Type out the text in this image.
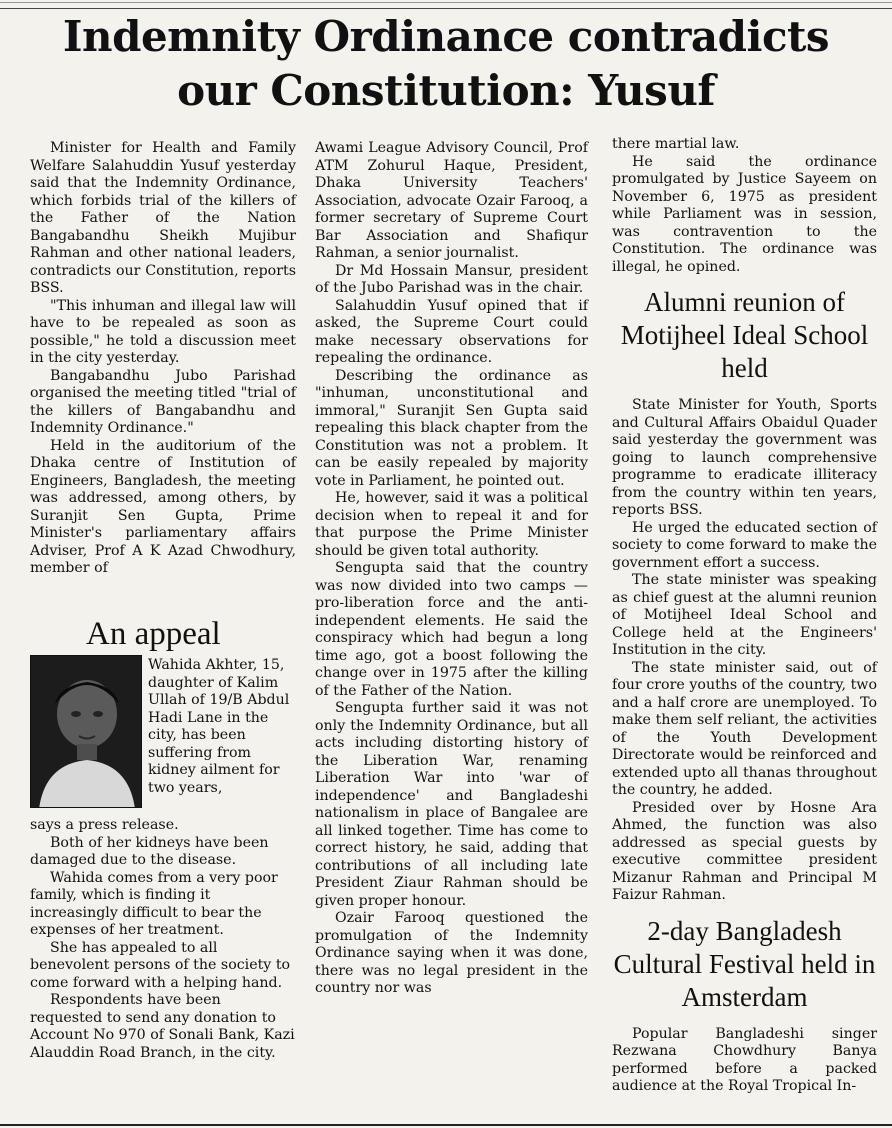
Indemnity Ordinance contradicts
our Constitution: Yusuf

Minister for Health and Family Welfare Salahuddin Yusuf yesterday said that the Indemnity Ordinance, which forbids trial of the killers of the Father of the Nation Bangabandhu Sheikh Mujibur Rahman and other national leaders, contradicts our Constitution, reports BSS.

"This inhuman and illegal law will have to be repealed as soon as possible," he told a discussion meet in the city yesterday.

Bangabandhu Jubo Parishad organised the meeting titled "trial of the killers of Bangabandhu and Indemnity Ordinance."

Held in the auditorium of the Dhaka centre of Institution of Engineers, Bangladesh, the meeting was addressed, among others, by Suranjit Sen Gupta, Prime Minister's parliamentary affairs Adviser, Prof A K Azad Chwodhury, member of

An appeal

Wahida Akhter, 15, daughter of Kalim Ullah of 19/B Abdul Hadi Lane in the city, has been suffering from kidney ailment for two years,

says a press release.

Both of her kidneys have been damaged due to the disease.

Wahida comes from a very poor family, which is finding it increasingly difficult to bear the expenses of her treatment.

She has appealed to all benevolent persons of the society to come forward with a helping hand.

Respondents have been requested to send any donation to Account No 970 of Sonali Bank, Kazi Alauddin Road Branch, in the city.

Awami League Advisory Council, Prof ATM Zohurul Haque, President, Dhaka University Teachers' Association, advocate Ozair Farooq, a former secretary of Supreme Court Bar Association and Shafiqur Rahman, a senior journalist.

Dr Md Hossain Mansur, president of the Jubo Parishad was in the chair.

Salahuddin Yusuf opined that if asked, the Supreme Court could make necessary observations for repealing the ordinance.

Describing the ordinance as "inhuman, unconstitutional and immoral," Suranjit Sen Gupta said repealing this black chapter from the Constitution was not a problem. It can be easily repealed by majority vote in Parliament, he pointed out.

He, however, said it was a political decision when to repeal it and for that purpose the Prime Minister should be given total authority.

Sengupta said that the country was now divided into two camps — pro-liberation force and the anti-independent elements. He said the conspiracy which had begun a long time ago, got a boost following the change over in 1975 after the killing of the Father of the Nation.

Sengupta further said it was not only the Indemnity Ordinance, but all acts including distorting history of the Liberation War, renaming Liberation War into 'war of independence' and Bangladeshi nationalism in place of Bangalee are all linked together. Time has come to correct history, he said, adding that contributions of all including late President Ziaur Rahman should be given proper honour.

Ozair Farooq questioned the promulgation of the Indemnity Ordinance saying when it was done, there was no legal president in the country nor was

there martial law.

He said the ordinance promulgated by Justice Sayeem on November 6, 1975 as president while Parliament was in session, was contravention to the Constitution. The ordinance was illegal, he opined.

Alumni reunion of Motijheel Ideal School held

State Minister for Youth, Sports and Cultural Affairs Obaidul Quader said yesterday the government was going to launch comprehensive programme to eradicate illiteracy from the country within ten years, reports BSS.

He urged the educated section of society to come forward to make the government effort a success.

The state minister was speaking as chief guest at the alumni reunion of Motijheel Ideal School and College held at the Engineers' Institution in the city.

The state minister said, out of four crore youths of the country, two and a half crore are unemployed. To make them self reliant, the activities of the Youth Development Directorate would be reinforced and extended upto all thanas throughout the country, he added.

Presided over by Hosne Ara Ahmed, the function was also addressed as special guests by executive committee president Mizanur Rahman and Principal M Faizur Rahman.

2-day Bangladesh Cultural Festival held in Amsterdam

Popular Bangladeshi singer Rezwana Chowdhury Banya performed before a packed audience at the Royal Tropical In-
